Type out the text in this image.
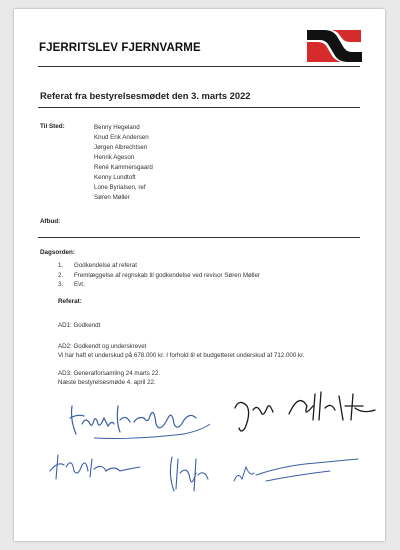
FJERRITSLEV FJERNVARME
Referat fra bestyrelsesmødet den 3. marts 2022
Til Sted:	Benny Hegeland
Knud Erik Andersen
Jørgen Albrechtsen
Henrik Ageson
René Kammersgaard
Kenny Lundtoft
Lone Byrialsen, ref
Søren Møller
Afbud:
Dagsorden:
1. Godkendelse af referat
2. Fremlæggelse af regnskab til godkendelse ved revisor Søren Møller
3. Evt.
Referat:
AD1: Godkendt
AD2: Godkendt og underskrevet
Vi har haft et underskud på 678.000 kr. I forhold til et budgetteret underskud af 712.000 kr.
AD3: Generalforsamling 24 marts 22.
Næste bestyrelsesmøde 4. april 22.
